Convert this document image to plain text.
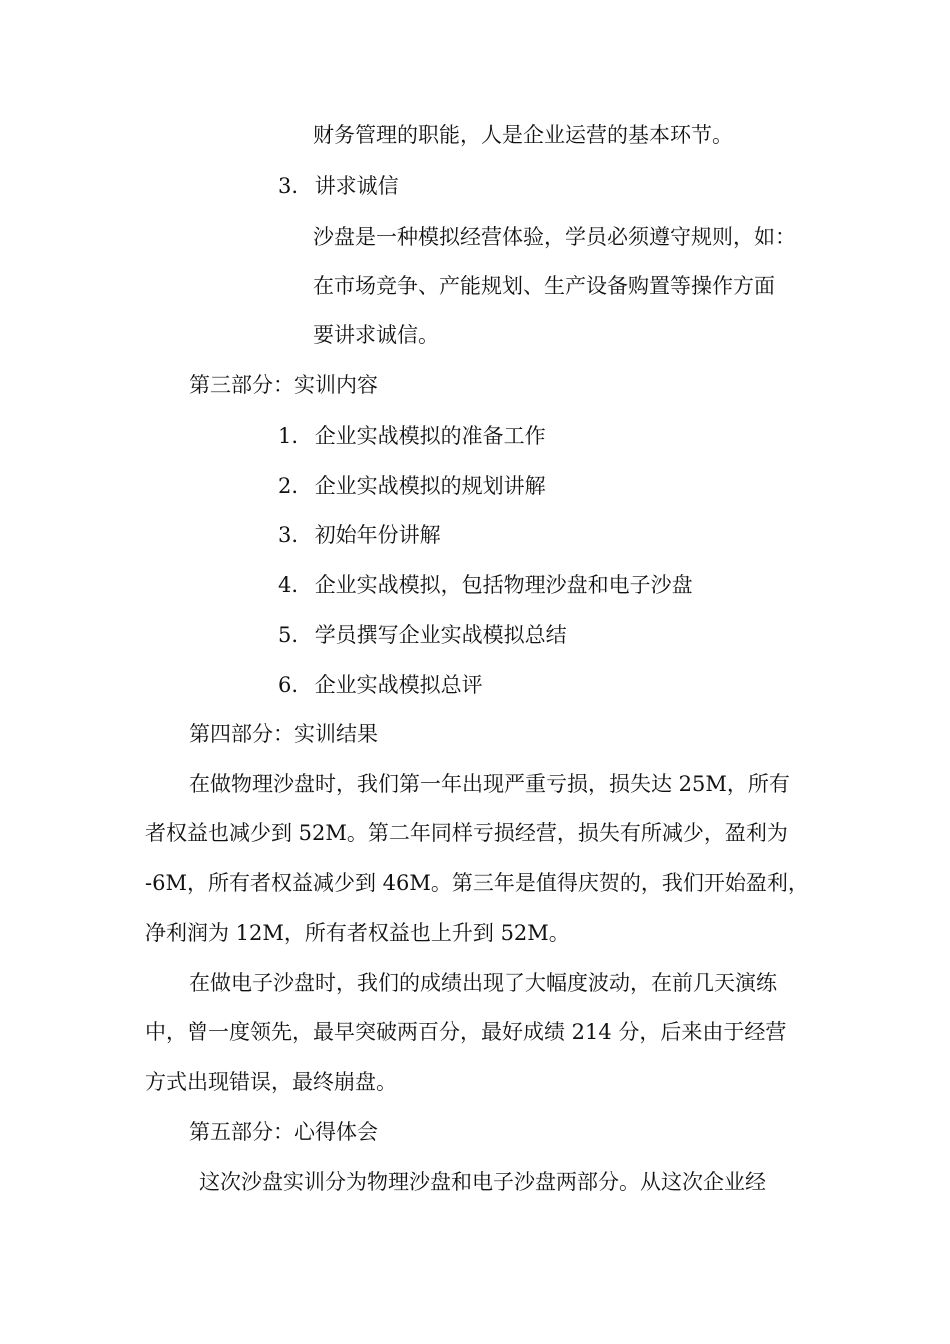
财务管理的职能，人是企业运营的基本环节。
3. 讲求诚信
沙盘是一种模拟经营体验，学员必须遵守规则，如：
在市场竞争、产能规划、生产设备购置等操作方面
要讲求诚信。
第三部分：实训内容
1. 企业实战模拟的准备工作
2. 企业实战模拟的规划讲解
3. 初始年份讲解
4. 企业实战模拟，包括物理沙盘和电子沙盘
5. 学员撰写企业实战模拟总结
6. 企业实战模拟总评
第四部分：实训结果
在做物理沙盘时，我们第一年出现严重亏损，损失达 25M，所有
者权益也减少到 52M。第二年同样亏损经营，损失有所减少，盈利为
-6M，所有者权益减少到 46M。第三年是值得庆贺的，我们开始盈利，
净利润为 12M，所有者权益也上升到 52M。
在做电子沙盘时，我们的成绩出现了大幅度波动，在前几天演练
中，曾一度领先，最早突破两百分，最好成绩 214 分，后来由于经营
方式出现错误，最终崩盘。
第五部分：心得体会
这次沙盘实训分为物理沙盘和电子沙盘两部分。从这次企业经
